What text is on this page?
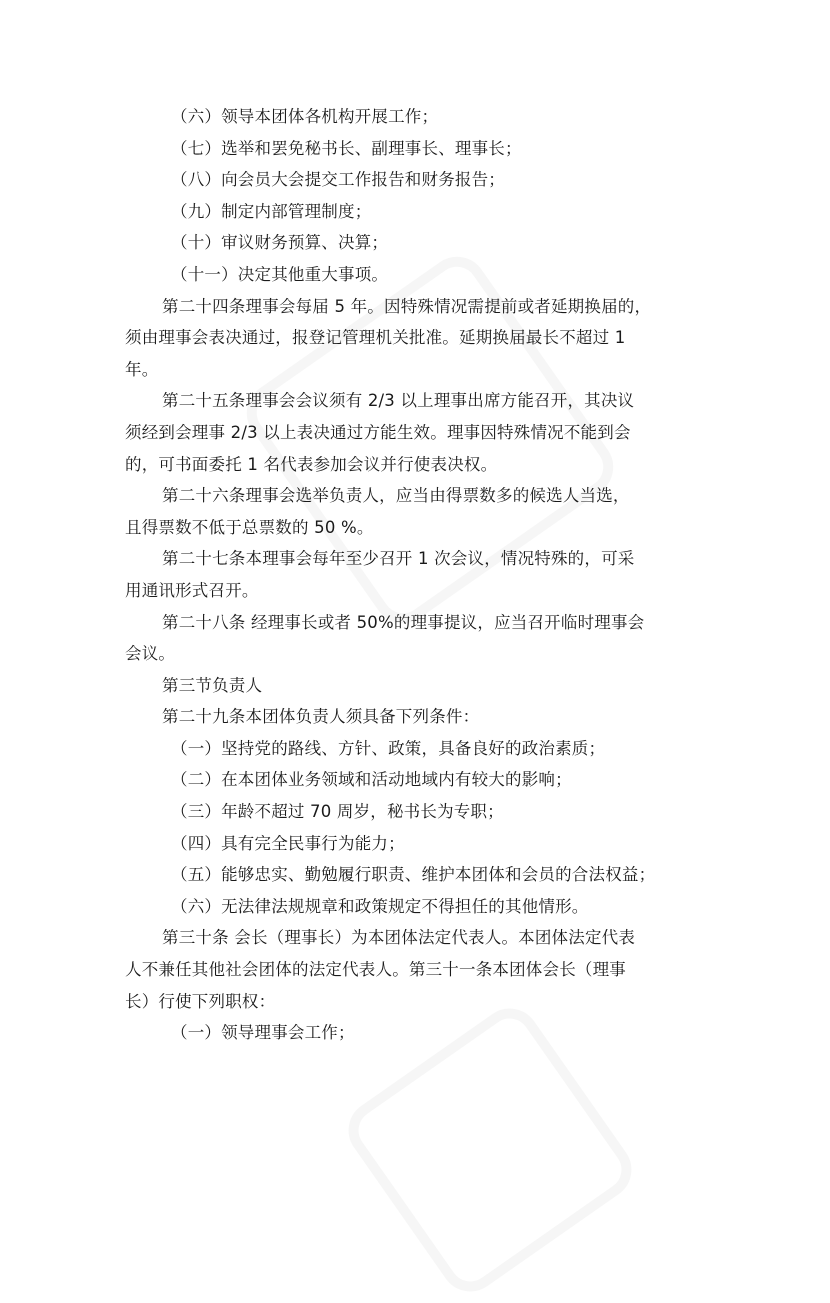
（六）领导本团体各机构开展工作；
（七）选举和罢免秘书长、副理事长、理事长；
（八）向会员大会提交工作报告和财务报告；
（九）制定内部管理制度；
（十）审议财务预算、决算；
（十一）决定其他重大事项。
第二十四条理事会每届 5 年。因特殊情况需提前或者延期换届的，
须由理事会表决通过，报登记管理机关批准。延期换届最长不超过 1
年。
第二十五条理事会会议须有 2/3 以上理事出席方能召开，其决议
须经到会理事 2/3 以上表决通过方能生效。理事因特殊情况不能到会
的，可书面委托 1 名代表参加会议并行使表决权。
第二十六条理事会选举负责人，应当由得票数多的候选人当选，
且得票数不低于总票数的 50 %。
第二十七条本理事会每年至少召开 1 次会议，情况特殊的，可采
用通讯形式召开。
第二十八条 经理事长或者 50%的理事提议，应当召开临时理事会
会议。
第三节负责人
第二十九条本团体负责人须具备下列条件：
（一）坚持党的路线、方针、政策，具备良好的政治素质；
（二）在本团体业务领域和活动地域内有较大的影响；
（三）年龄不超过 70 周岁，秘书长为专职；
（四）具有完全民事行为能力；
（五）能够忠实、勤勉履行职责、维护本团体和会员的合法权益；
（六）无法律法规规章和政策规定不得担任的其他情形。
第三十条 会长（理事长）为本团体法定代表人。本团体法定代表
人不兼任其他社会团体的法定代表人。第三十一条本团体会长（理事
长）行使下列职权：
（一）领导理事会工作；
